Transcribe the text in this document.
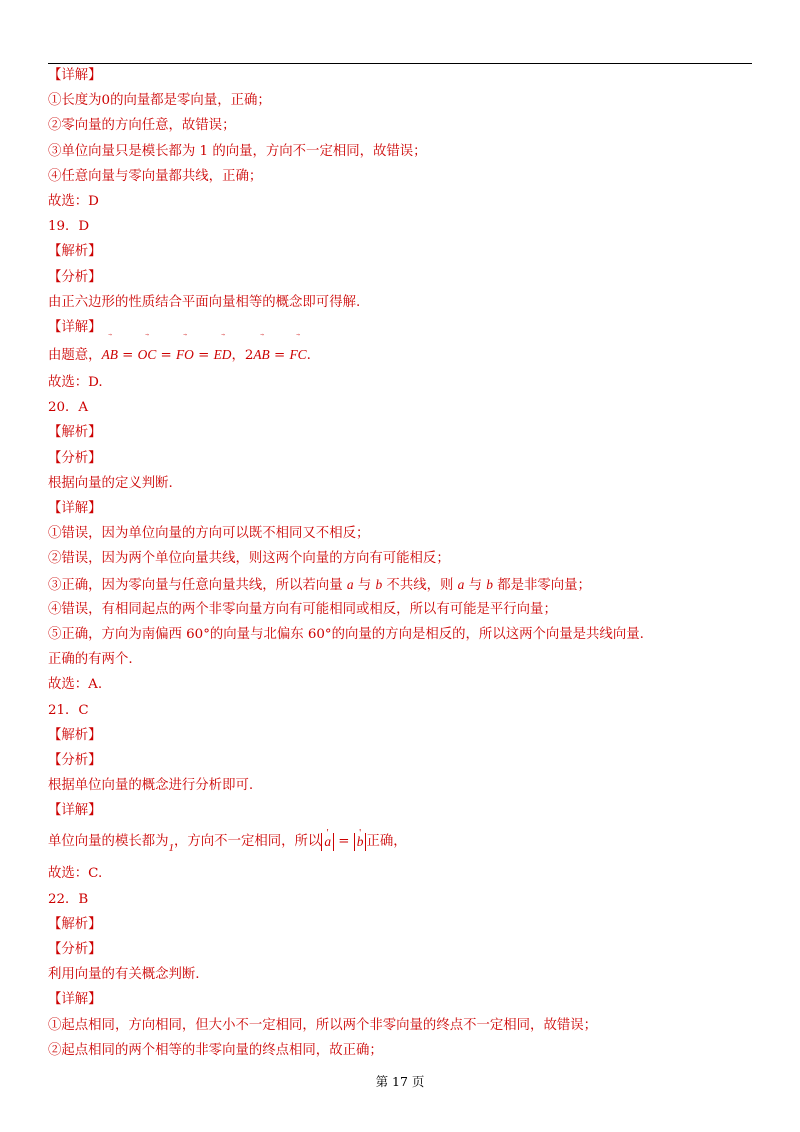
【详解】
①长度为0的向量都是零向量，正确；
②零向量的方向任意，故错误；
③单位向量只是模长都为 1 的向量，方向不一定相同，故错误；
④任意向量与零向量都共线，正确；
故选：D
19．D
【解析】
【分析】
由正六边形的性质结合平面向量相等的概念即可得解.
【详解】
由题意，→ AB = → OC = → FO = → ED，2→ AB = → FC.
故选：D.
20．A
【解析】
【分析】
根据向量的定义判断.
【详解】
①错误，因为单位向量的方向可以既不相同又不相反；
②错误，因为两个单位向量共线，则这两个向量的方向有可能相反；
③正确，因为零向量与任意向量共线，所以若向量 a 与 b 不共线，则 a 与 b 都是非零向量；
④错误，有相同起点的两个非零向量方向有可能相同或相反，所以有可能是平行向量；
⑤正确，方向为南偏西 60°的向量与北偏东 60°的向量的方向是相反的，所以这两个向量是共线向量.
正确的有两个.
故选：A.
21．C
【解析】
【分析】
根据单位向量的概念进行分析即可.
【详解】
单位向量的模长都为$_1$，方向不一定相同，所以' a = ' b 正确，
故选：C.
22．B
【解析】
【分析】
利用向量的有关概念判断.
【详解】
①起点相同，方向相同，但大小不一定相同，所以两个非零向量的终点不一定相同，故错误；
②起点相同的两个相等的非零向量的终点相同，故正确；
第 17 页
